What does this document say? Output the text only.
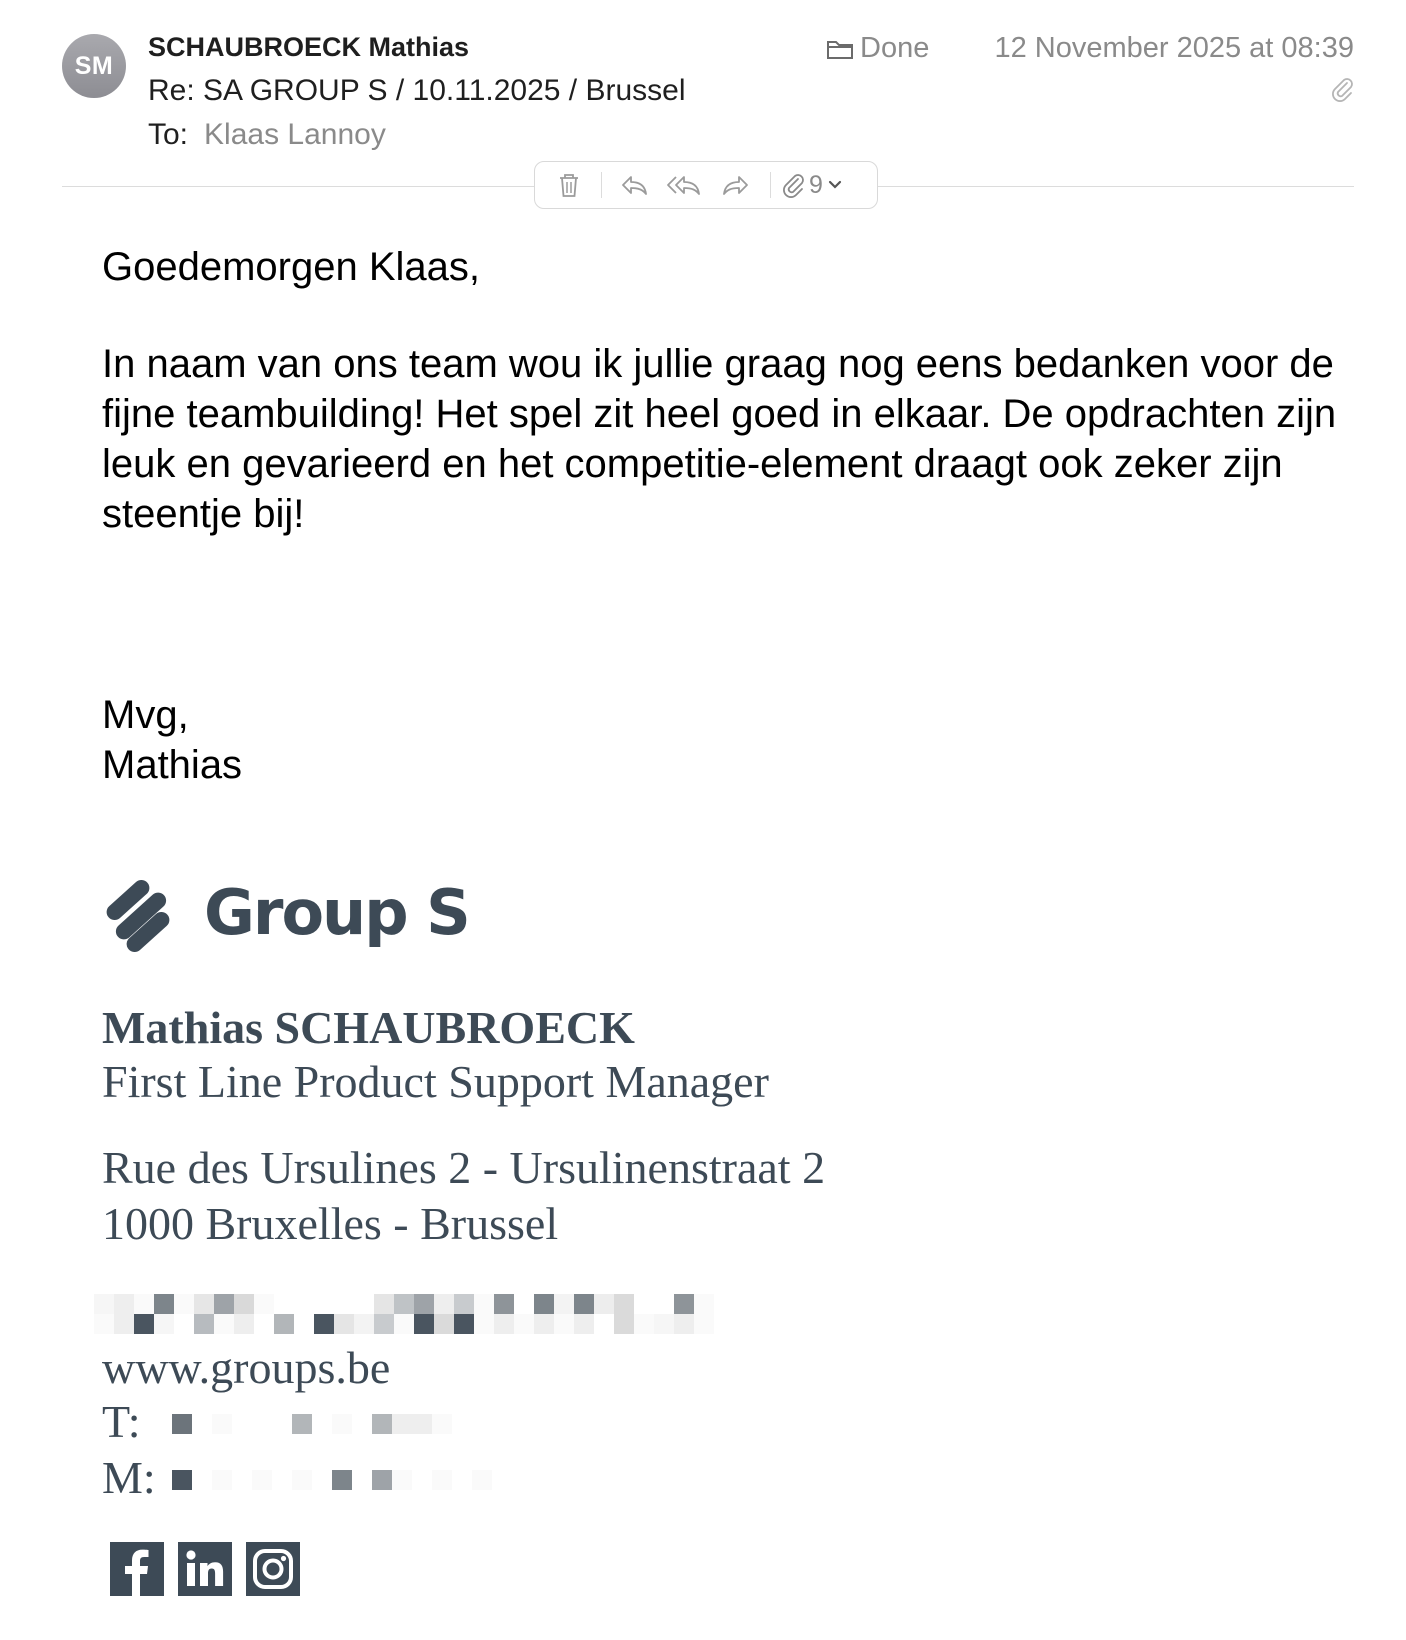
SM
SCHAUBROECK Mathias
Re: SA GROUP S / 10.11.2025 / Brussel
To: Klaas Lannoy
Done 12 November 2025 at 08:39
9
Goedemorgen Klaas,
In naam van ons team wou ik jullie graag nog eens bedanken voor de fijne teambuilding! Het spel zit heel goed in elkaar. De opdrachten zijn leuk en gevarieerd en het competitie-element draagt ook zeker zijn steentje bij!
Mvg,
Mathias
Group S
Mathias SCHAUBROECK
First Line Product Support Manager
Rue des Ursulines 2 - Ursulinenstraat 2
1000 Bruxelles - Brussel
www.groups.be
T:
M:
